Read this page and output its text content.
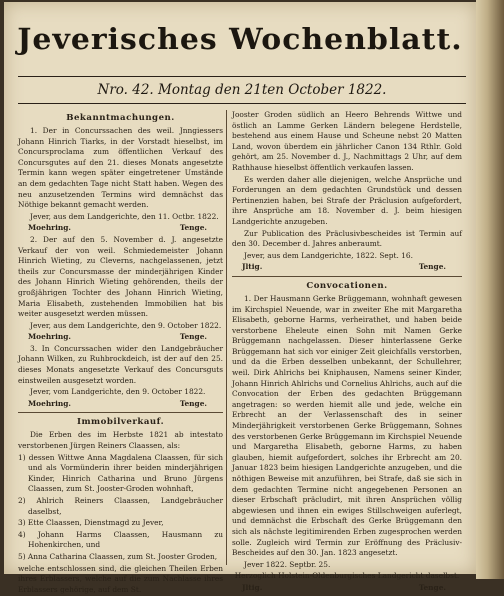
Jeverisches Wochenblatt.
Nro. 42. Montag den 21ten October 1822.
Bekanntmachungen.

1. Der in Concurssachen des weil. Jnngiessers Johann Hinrich Tiarks, in der Vorstadt hieselbst, im Concursproclama zum öffentlichen Verkauf des Concursgutes auf den 21. dieses Monats angesetzte Termin kann wegen später eingetretener Umstände an dem gedachten Tage nicht Statt haben. Wegen des neu anzusetzenden Termins wird demnächst das Nöthige bekannt gemacht werden.

Jever, aus dem Landgerichte, den 11. Octbr. 1822.

Moehring.	Tenge.

2. Der auf den 5. November d. J. angesetzte Verkauf der von weil. Schmiedemeister Johann Hinrich Wieting, zu Cleverns, nachgelassenen, jetzt theils zur Concursmasse der minderjährigen Kinder des Johann Hinrich Wieting gehörenden, theils der großjährigen Tochter des Johann Hinrich Wieting, Maria Elisabeth, zustehenden Immobilien hat bis weiter ausgesetzt werden müssen.

Jever, aus dem Landgerichte, den 9. October 1822.

Moehring.	Tenge.

3. In Concurssachen wider den Landgebräucher Johann Wilken, zu Ruhbrockdeich, ist der auf den 25. dieses Monats angesetzte Verkauf des Concursguts einstweilen ausgesetzt worden.

Jever, vom Landgerichte, den 9. October 1822.

Moehring.	Tenge.
Immobilverkauf.

Die Erben des im Herbste 1821 ab intestato verstorbenen Jürgen Reiners Claassen, als:

1) dessen Wittwe Anna Magdalena Claassen, für sich und als Vormünderin ihrer beiden minderjährigen Kinder, Hinrich Catharina und Bruno Jürgens Claassen, zum St. Jooster-Groden wohnhaft,

2) Ahlrich Reiners Claassen, Landgebräucher daselbst,

3) Ette Claassen, Dienstmagd zu Jever,

4) Johann Harms Claassen, Hausmann zu Hohenkirchen, und

5) Anna Catharina Claassen, zum St. Jooster Groden,

welche entschlossen sind, die gleichen Theilen Erben ihres Erblassers, welche auf die zum Nachlasse ihres Erblassers gehörige, auf dem St.

Jooster Groden südlich an Heero Behrends Wittwe und östlich an Lamme Gerken Ländern belegene Herdstelle, bestehend aus einem Hause und Scheune nebst 20 Matten Land, wovon überdem ein jährlicher Canon 134 Rthlr. Gold gehört, am 25. November d. J., Nachmittags 2 Uhr, auf dem Rathhause hieselbst öffentlich verkaufen lassen.

Es werden daher alle diejenigen, welche Ansprüche und Forderungen an dem gedachten Grundstück und dessen Pertinenzien haben, bei Strafe der Präclusion aufgefordert, ihre Ansprüche am 18. November d. J. beim hiesigen Landgerichte anzugeben.

Zur Publication des Präclusivbescheides ist Termin auf den 30. December d. Jahres anberaumt.

Jever, aus dem Landgerichte, 1822. Sept. 16.

Jltig.	Tenge.
Convocationen.

1. Der Hausmann Gerke Brüggemann, wohnhaft gewesen im Kirchspiel Neuende, war in zweiter Ehe mit Margaretha Elisabeth, geborne Harms, verheirathet, und haben beide verstorbene Eheleute einen Sohn mit Namen Gerke Brüggemann nachgelassen. Dieser hinterlassene Gerke Brüggemann hat sich vor einiger Zeit gleichfalls verstorben, und da die Erben desselben unbekannt, der Schullehrer, weil. Dirk Ahlrichs bei Kniphausen, Namens seiner Kinder, Johann Hinrich Ahlrichs und Cornelius Ahlrichs, auch auf die Convocation der Erben des gedachten Brüggemann angetragen: so werden hiemit alle und jede, welche ein Erbrecht an der Verlassenschaft des in seiner Minderjährigkeit verstorbenen Gerke Brüggemann, Sohnes des verstorbenen Gerke Brüggemann im Kirchspiel Neuende und Margaretha Elisabeth, geborne Harms, zu haben glauben, hiemit aufgefordert, solches ihr Erbrecht am 20. Januar 1823 beim hiesigen Landgerichte anzugeben, und die nöthigen Beweise mit anzuführen, bei Strafe, daß sie sich in dem gedachten Termine nicht angegebenen Personen an dieser Erbschaft präcludirt, mit ihren Ansprüchen völlig abgewiesen und ihnen ein ewiges Stillschweigen auferlegt, und demnächst die Erbschaft des Gerke Brüggemann den sich als nächste legitimirenden Erben zugesprochen werden solle. Zugleich wird Termin zur Eröffnung des Präclusiv-Bescheides auf den 30. Jan. 1823 angesetzt.

Jever 1822. Septbr. 25.

Herzoglich Holstein-Oldenburgisches Landgericht daselbst.

Jltig.	Tenge.
